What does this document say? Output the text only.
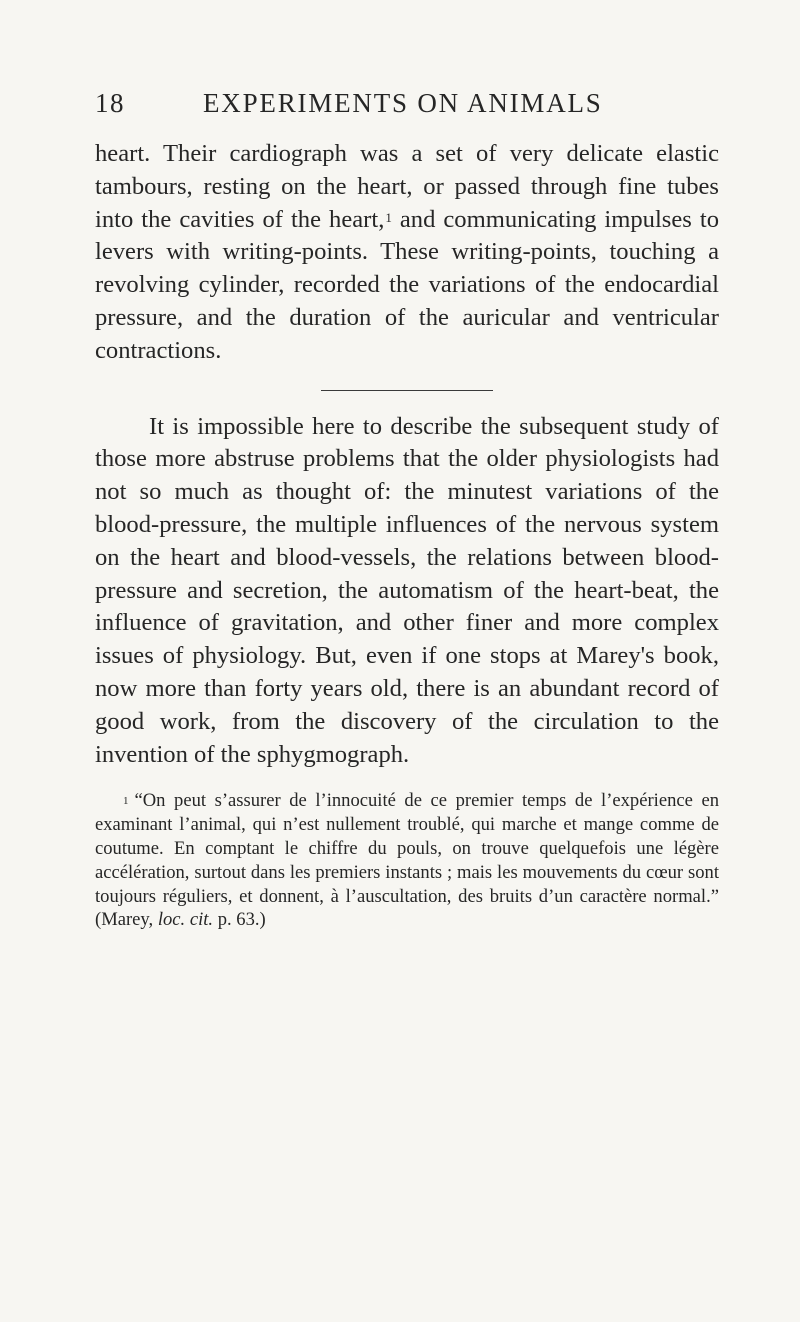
18	EXPERIMENTS ON ANIMALS

heart. Their cardiograph was a set of very delicate elastic tambours, resting on the heart, or passed through fine tubes into the cavities of the heart,$^1$ and communicating impulses to levers with writing-points. These writing-points, touching a revolving cylinder, recorded the variations of the endocardial pressure, and the duration of the auricular and ventricular contractions.

It is impossible here to describe the subsequent study of those more abstruse problems that the older physiologists had not so much as thought of: the minutest variations of the blood-pressure, the multiple influences of the nervous system on the heart and blood-vessels, the relations between blood-pressure and secretion, the automatism of the heart-beat, the influence of gravitation, and other finer and more complex issues of physiology. But, even if one stops at Marey's book, now more than forty years old, there is an abundant record of good work, from the discovery of the circulation to the invention of the sphygmograph.

$^1$ “On peut s’assurer de l’innocuité de ce premier temps de l’expérience en examinant l’animal, qui n’est nullement troublé, qui marche et mange comme de coutume. En comptant le chiffre du pouls, on trouve quelquefois une légère accélération, surtout dans les premiers instants ; mais les mouvements du cœur sont toujours réguliers, et donnent, à l’auscultation, des bruits d’un caractère normal.” (Marey, loc. cit. p. 63.)
